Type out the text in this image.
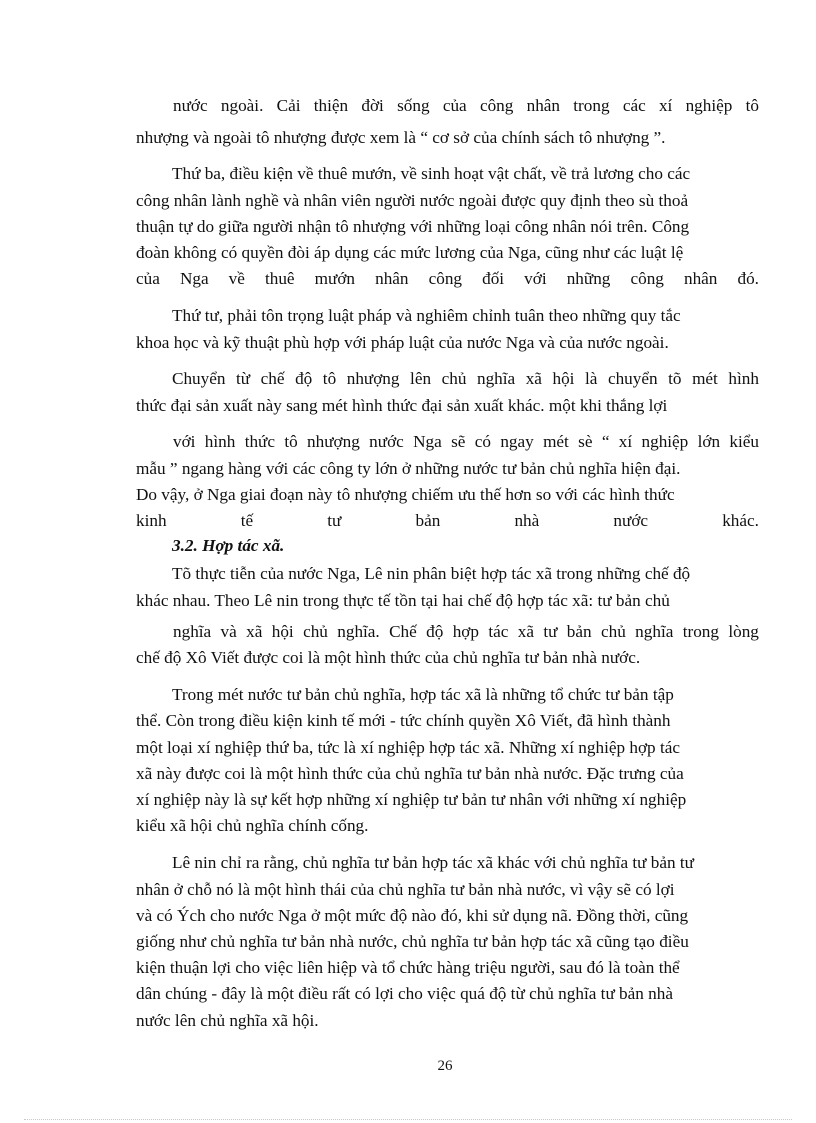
nước ngoài. Cải thiện đời sống của công nhân trong các xí nghiệp tô
nhượng và ngoài tô nhượng được xem là “ cơ sở của chính sách tô nhượng ”.
Thứ ba, điều kiện về thuê mướn, về sinh hoạt vật chất, về trả lương cho các
công nhân lành nghề và nhân viên người nước ngoài được quy định theo sù thoả
thuận tự do giữa người nhận tô nhượng với những loại công nhân nói trên. Công
đoàn không có quyền đòi áp dụng các mức lương của Nga, cũng như các luật lệ
của Nga về thuê mướn nhân công đối với những công nhân đó.
Thứ tư, phải tôn trọng luật pháp và nghiêm chỉnh tuân theo những quy tắc
khoa học và kỹ thuật phù hợp với pháp luật của nước Nga và của nước ngoài.
Chuyển từ chế độ tô nhượng lên chủ nghĩa xã hội là chuyển tõ mét hình
thức đại sản xuất này sang mét hình thức đại sản xuất khác. một khi thắng lợi
với hình thức tô nhượng nước Nga sẽ có ngay mét sè “ xí nghiệp lớn kiểu
mẫu ” ngang hàng với các công ty lớn ở những nước tư bản chủ nghĩa hiện đại.
Do vậy, ở Nga giai đoạn này tô nhượng chiếm ưu thế hơn so với các hình thức
kinh	tế	tư	bản	nhà	nước	khác.
3.2. Hợp tác xã.
Tõ thực tiễn của nước Nga, Lê nin phân biệt hợp tác xã trong những chế độ
khác nhau. Theo Lê nin trong thực tế tồn tại hai chế độ hợp tác xã: tư bản chủ
nghĩa và xã hội chủ nghĩa. Chế độ hợp tác xã tư bản chủ nghĩa trong lòng
chế độ Xô Viết được coi là một hình thức của chủ nghĩa tư bản nhà nước.
Trong mét nước tư bản chủ nghĩa, hợp tác xã là những tổ chức tư bản tập
thể. Còn trong điều kiện kinh tế mới - tức chính quyền Xô Viết, đã hình thành
một loại xí nghiệp thứ ba, tức là xí nghiệp hợp tác xã. Những xí nghiệp hợp tác
xã này được coi là một hình thức của chủ nghĩa tư bản nhà nước. Đặc trưng của
xí nghiệp này là sự kết hợp những xí nghiệp tư bản tư nhân với những xí nghiệp
kiểu xã hội chủ nghĩa chính cống.
Lê nin chỉ ra rằng, chủ nghĩa tư bản hợp tác xã khác với chủ nghĩa tư bản tư
nhân ở chỗ nó là một hình thái của chủ nghĩa tư bản nhà nước, vì vậy sẽ có lợi
và có Ých cho nước Nga ở một mức độ nào đó, khi sử dụng nã. Đồng thời, cũng
giống như chủ nghĩa tư bản nhà nước, chủ nghĩa tư bản hợp tác xã cũng tạo điều
kiện thuận lợi cho việc liên hiệp và tổ chức hàng triệu người, sau đó là toàn thể
dân chúng - đây là một điều rất có lợi cho việc quá độ từ chủ nghĩa tư bản nhà
nước lên chủ nghĩa xã hội.
26
